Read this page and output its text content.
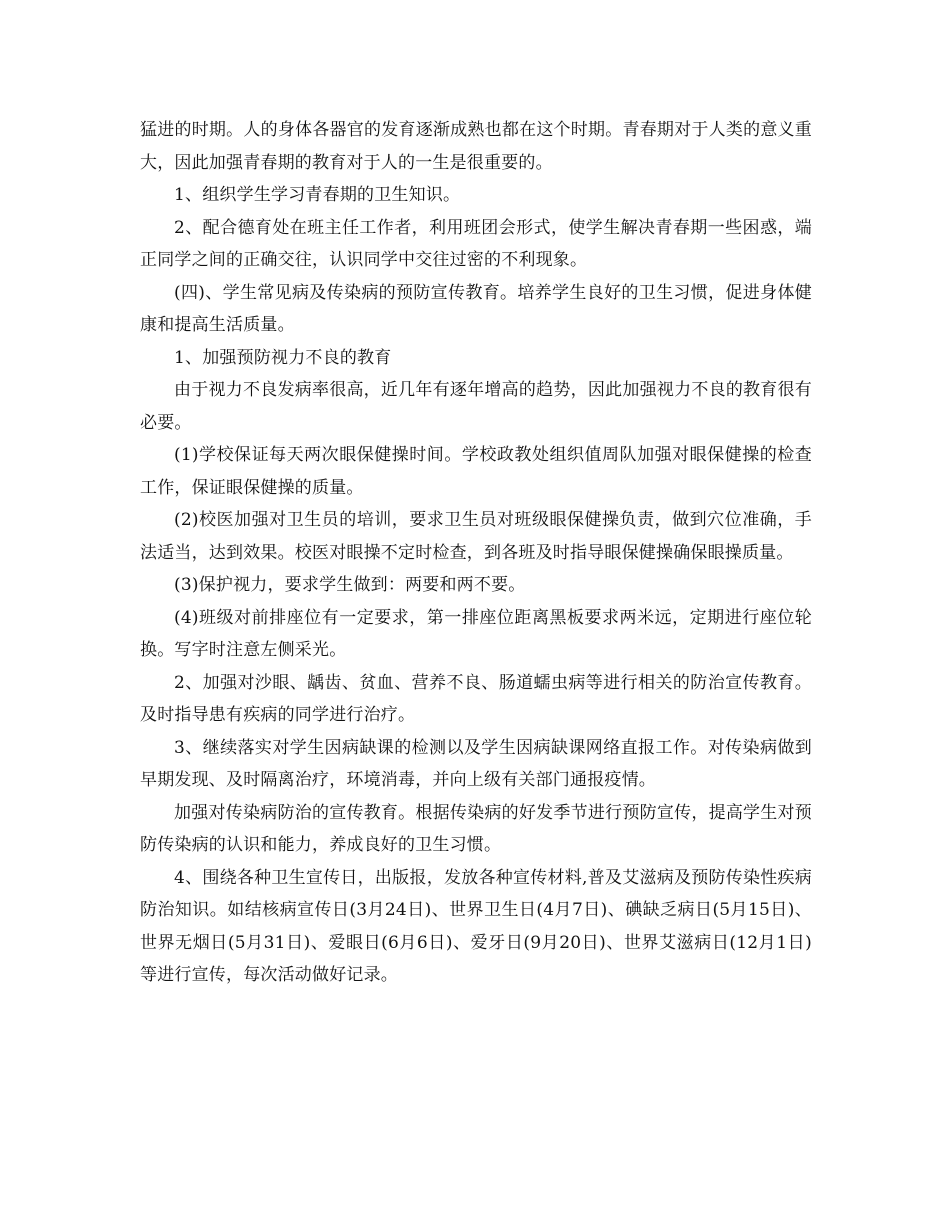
猛进的时期。人的身体各器官的发育逐渐成熟也都在这个时期。青春期对于人类的意义重大，因此加强青春期的教育对于人的一生是很重要的。

1、组织学生学习青春期的卫生知识。

2、配合德育处在班主任工作者，利用班团会形式，使学生解决青春期一些困惑，端正同学之间的正确交往，认识同学中交往过密的不利现象。

(四)、学生常见病及传染病的预防宣传教育。培养学生良好的卫生习惯，促进身体健康和提高生活质量。

1、加强预防视力不良的教育

由于视力不良发病率很高，近几年有逐年增高的趋势，因此加强视力不良的教育很有必要。

(1)学校保证每天两次眼保健操时间。学校政教处组织值周队加强对眼保健操的检查工作，保证眼保健操的质量。

(2)校医加强对卫生员的培训，要求卫生员对班级眼保健操负责，做到穴位准确，手法适当，达到效果。校医对眼操不定时检查，到各班及时指导眼保健操确保眼操质量。

(3)保护视力，要求学生做到：两要和两不要。

(4)班级对前排座位有一定要求，第一排座位距离黑板要求两米远，定期进行座位轮换。写字时注意左侧采光。

2、加强对沙眼、龋齿、贫血、营养不良、肠道蠕虫病等进行相关的防治宣传教育。及时指导患有疾病的同学进行治疗。

3、继续落实对学生因病缺课的检测以及学生因病缺课网络直报工作。对传染病做到早期发现、及时隔离治疗，环境消毒，并向上级有关部门通报疫情。

加强对传染病防治的宣传教育。根据传染病的好发季节进行预防宣传，提高学生对预防传染病的认识和能力，养成良好的卫生习惯。

4、围绕各种卫生宣传日，出版报，发放各种宣传材料,普及艾滋病及预防传染性疾病防治知识。如结核病宣传日(3月24日)、世界卫生日(4月7日)、碘缺乏病日(5月15日)、世界无烟日(5月31日)、爱眼日(6月6日)、爱牙日(9月20日)、世界艾滋病日(12月1日)等进行宣传，每次活动做好记录。
